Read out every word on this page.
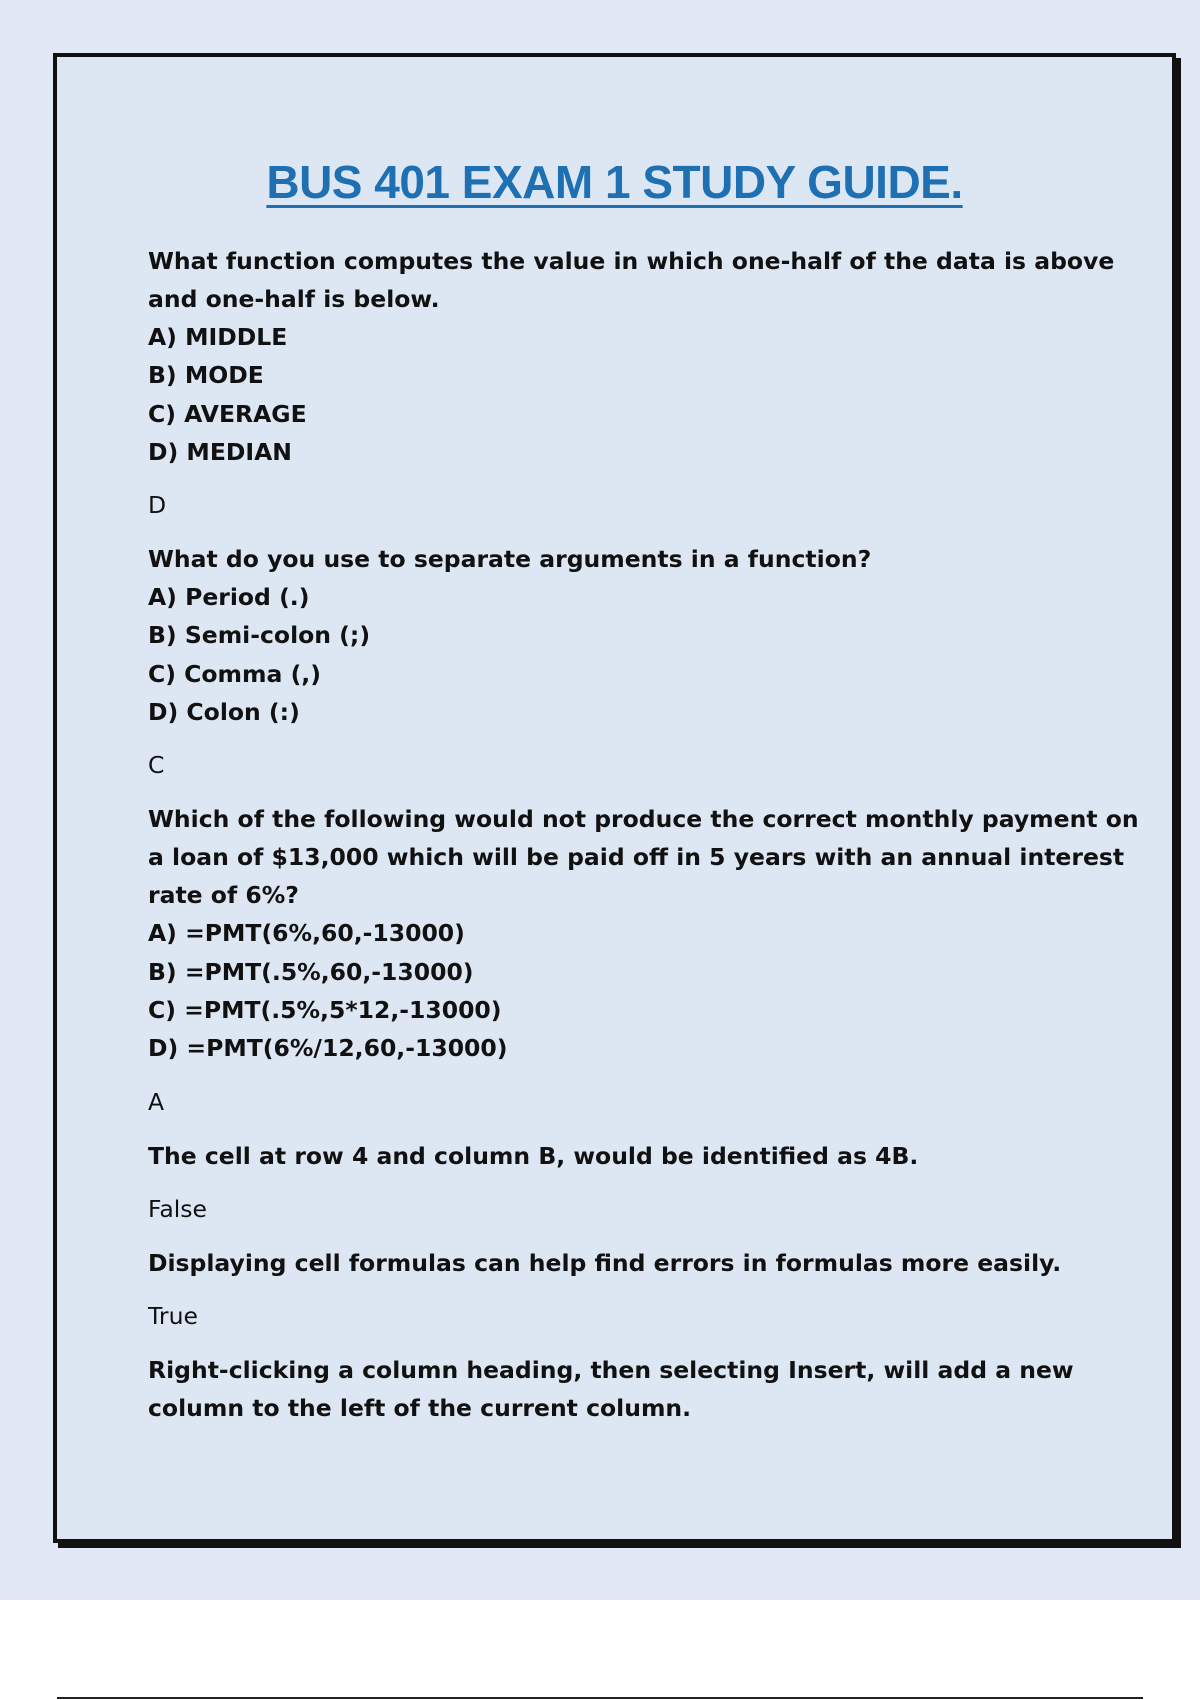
BUS 401 EXAM 1 STUDY GUIDE.

What function computes the value in which one-half of the data is above and one-half is below.

A) MIDDLE

B) MODE

C) AVERAGE

D) MEDIAN

D

What do you use to separate arguments in a function?

A) Period (.)

B) Semi-colon (;)

C) Comma (,)

D) Colon (:)

C

Which of the following would not produce the correct monthly payment on a loan of $13,000 which will be paid off in 5 years with an annual interest rate of 6%?

A) =PMT(6%,60,-13000)

B) =PMT(.5%,60,-13000)

C) =PMT(.5%,5*12,-13000)

D) =PMT(6%/12,60,-13000)

A

The cell at row 4 and column B, would be identified as 4B.

False

Displaying cell formulas can help find errors in formulas more easily.

True

Right-clicking a column heading, then selecting Insert, will add a new column to the left of the current column.
